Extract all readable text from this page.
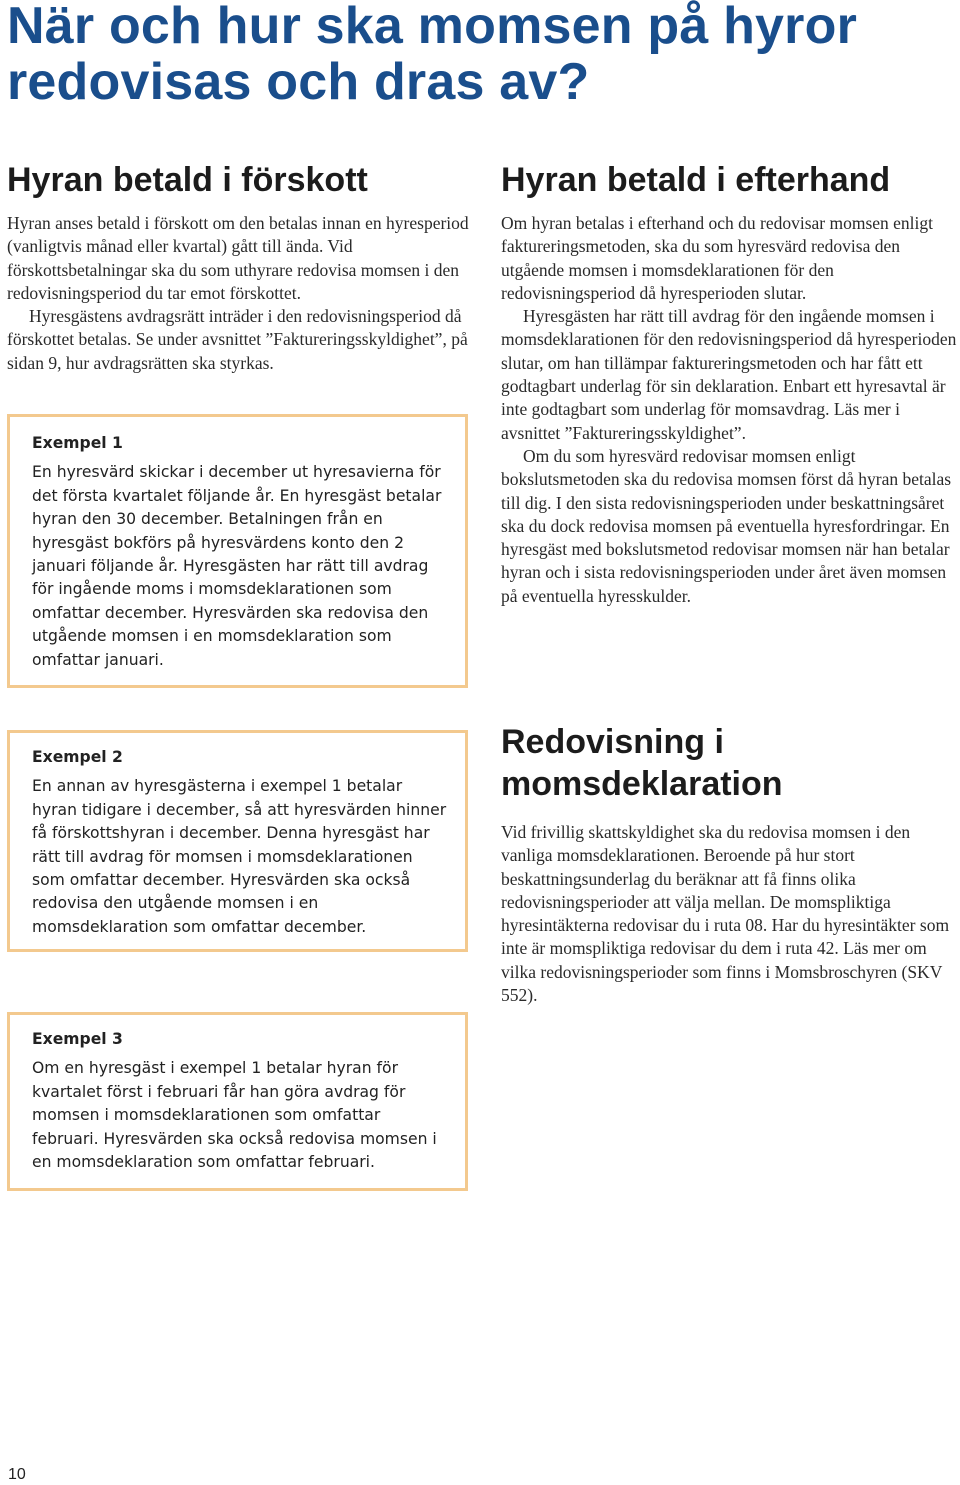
När och hur ska momsen på hyror
redovisas och dras av?
Hyran betald i förskott

Hyran anses betald i förskott om den betalas innan en hyresperiod (vanligtvis månad eller kvartal) gått till ända. Vid förskottsbetalningar ska du som uthyrare redovisa momsen i den redovisningsperiod du tar emot förskottet.

Hyresgästens avdragsrätt inträder i den redovisningsperiod då förskottet betalas. Se under avsnittet ”Faktureringsskyldighet”, på sidan 9, hur avdragsrätten ska styrkas.

Exempel 1
En hyresvärd skickar i december ut hyresavierna för det första kvartalet följande år. En hyresgäst betalar hyran den 30 december. Betalningen från en hyresgäst bokförs på hyresvärdens konto den 2 januari följande år. Hyresgästen har rätt till avdrag för ingående moms i momsdeklarationen som omfattar december. Hyresvärden ska redovisa den utgående momsen i en momsdeklaration som omfattar januari.
Exempel 2
En annan av hyresgästerna i exempel 1 betalar hyran tidigare i december, så att hyresvärden hinner få förskottshyran i december. Denna hyresgäst har rätt till avdrag för momsen i momsdeklarationen som omfattar december. Hyresvärden ska också redovisa den utgående momsen i en momsdeklaration som omfattar december.
Exempel 3
Om en hyresgäst i exempel 1 betalar hyran för kvartalet först i februari får han göra avdrag för momsen i momsdeklarationen som omfattar februari. Hyresvärden ska också redovisa momsen i en momsdeklaration som omfattar februari.
Hyran betald i efterhand

Om hyran betalas i efterhand och du redovisar momsen enligt faktureringsmetoden, ska du som hyresvärd redovisa den utgående momsen i momsdeklarationen för den redovisningsperiod då hyresperioden slutar.

Hyresgästen har rätt till avdrag för den ingående momsen i momsdeklarationen för den redovisningsperiod då hyresperioden slutar, om han tillämpar faktureringsmetoden och har fått ett godtagbart underlag för sin deklaration. Enbart ett hyresavtal är inte godtagbart som underlag för momsavdrag. Läs mer i avsnittet ”Faktureringsskyldighet”.

Om du som hyresvärd redovisar momsen enligt bokslutsmetoden ska du redovisa momsen först då hyran betalas till dig. I den sista redovisningsperioden under beskattningsåret ska du dock redovisa momsen på eventuella hyresfordringar. En hyresgäst med bokslutsmetod redovisar momsen när han betalar hyran och i sista redovisningsperioden under året även momsen på eventuella hyresskulder.

Redovisning i
momsdeklaration

Vid frivillig skattskyldighet ska du redovisa momsen i den vanliga momsdeklarationen. Beroende på hur stort beskattningsunderlag du beräknar att få finns olika redovisningsperioder att välja mellan. De momspliktiga hyresintäkterna redovisar du i ruta 08. Har du hyresintäkter som inte är momspliktiga redovisar du dem i ruta 42. Läs mer om vilka redovisningsperioder som finns i Momsbroschyren (SKV 552).

10
